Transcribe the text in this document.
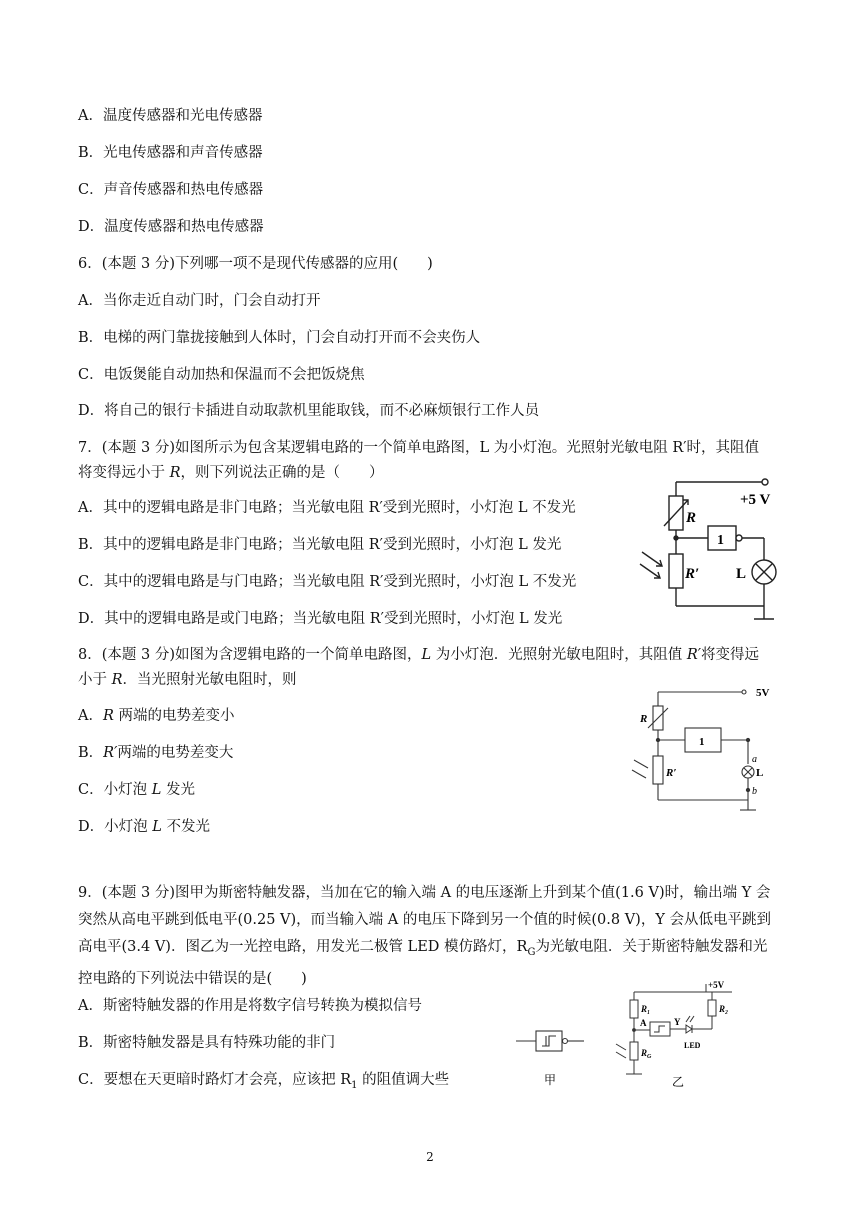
A．温度传感器和光电传感器
B．光电传感器和声音传感器
C．声音传感器和热电传感器
D．温度传感器和热电传感器
6．(本题 3 分)下列哪一项不是现代传感器的应用(　　)
A．当你走近自动门时，门会自动打开
B．电梯的两门靠拢接触到人体时，门会自动打开而不会夹伤人
C．电饭煲能自动加热和保温而不会把饭烧焦
D．将自己的银行卡插进自动取款机里能取钱，而不必麻烦银行工作人员
7．(本题 3 分)如图所示为包含某逻辑电路的一个简单电路图，L 为小灯泡。光照射光敏电阻 R′时，其阻值
将变得远小于 R，则下列说法正确的是（　　）
A．其中的逻辑电路是非门电路；当光敏电阻 R′受到光照时，小灯泡 L 不发光
B．其中的逻辑电路是非门电路；当光敏电阻 R′受到光照时，小灯泡 L 发光
C．其中的逻辑电路是与门电路；当光敏电阻 R′受到光照时，小灯泡 L 不发光
D．其中的逻辑电路是或门电路；当光敏电阻 R′受到光照时，小灯泡 L 发光
+5 V
R
R′
1
L
8．(本题 3 分)如图为含逻辑电路的一个简单电路图，L 为小灯泡．光照射光敏电阻时，其阻值 R′将变得远
小于 R．当光照射光敏电阻时，则
A．R 两端的电势差变小
B．R′两端的电势差变大
C．小灯泡 L 发光
D．小灯泡 L 不发光
5V
R
R′
1
a
L
b
9．(本题 3 分)图甲为斯密特触发器，当加在它的输入端 A 的电压逐渐上升到某个值(1.6 V)时，输出端 Y 会
突然从高电平跳到低电平(0.25 V)，而当输入端 A 的电压下降到另一个值的时候(0.8 V)，Y 会从低电平跳到
高电平(3.4 V)．图乙为一光控电路，用发光二极管 LED 模仿路灯，$R_G$为光敏电阻．关于斯密特触发器和光
控电路的下列说法中错误的是(　　)
A．斯密特触发器的作用是将数字信号转换为模拟信号
B．斯密特触发器是具有特殊功能的非门
C．要想在天更暗时路灯才会亮，应该把 $R_1$ 的阻值调大些	甲
+5V
R₁	R₂
A	Y
LED
$R_G$
乙
2
